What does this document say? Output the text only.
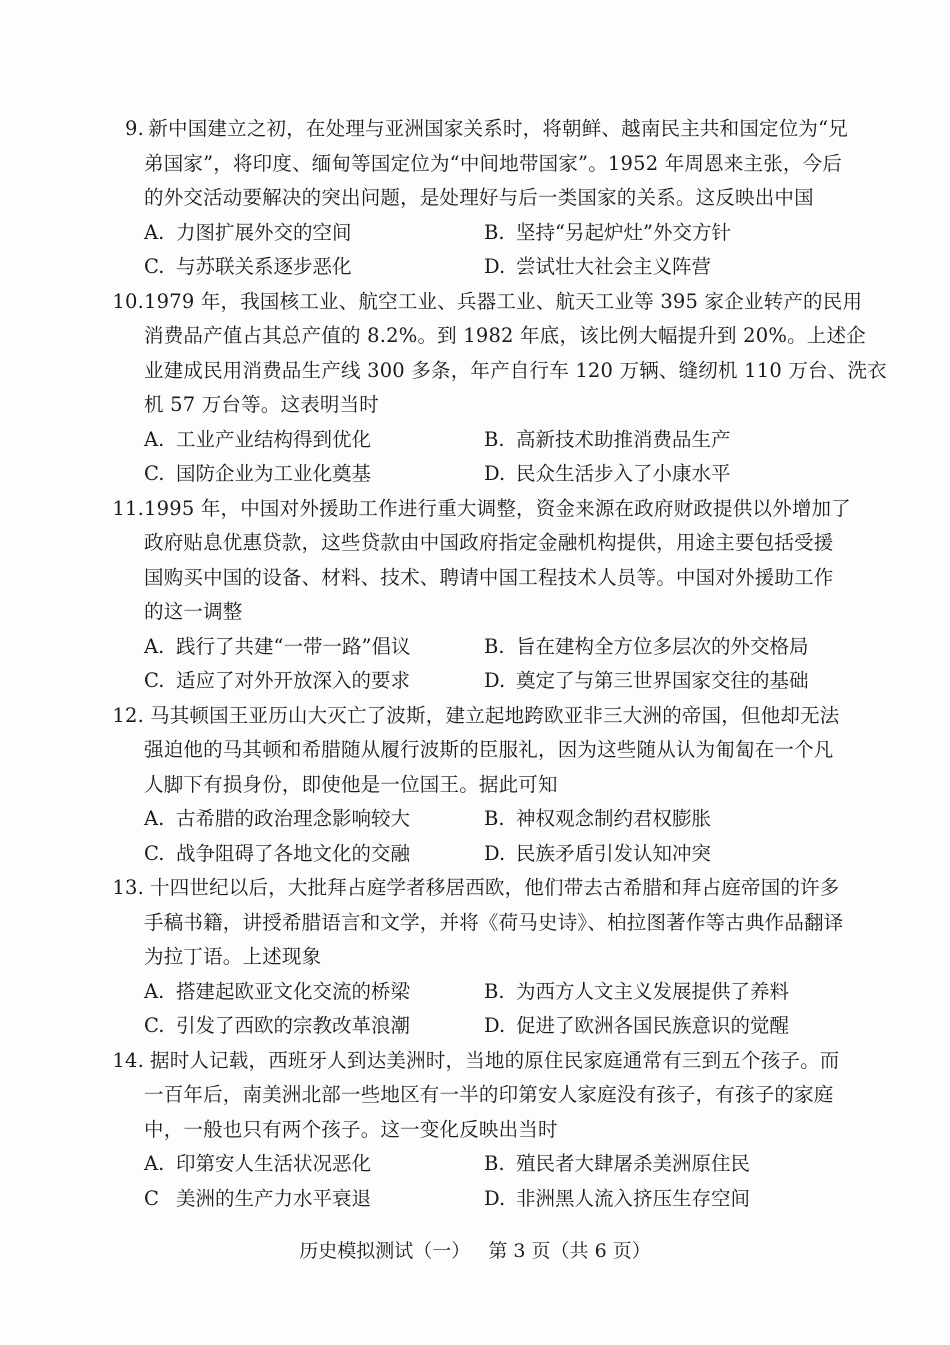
9. 新中国建立之初，在处理与亚洲国家关系时，将朝鲜、越南民主共和国定位为“兄
弟国家”，将印度、缅甸等国定位为“中间地带国家”。1952 年周恩来主张，今后
的外交活动要解决的突出问题，是处理好与后一类国家的关系。这反映出中国
A. 力图扩展外交的空间	B. 坚持“另起炉灶”外交方针
C. 与苏联关系逐步恶化	D. 尝试壮大社会主义阵营
10. 1979 年，我国核工业、航空工业、兵器工业、航天工业等 395 家企业转产的民用
消费品产值占其总产值的 8.2%。到 1982 年底，该比例大幅提升到 20%。上述企
业建成民用消费品生产线 300 多条，年产自行车 120 万辆、缝纫机 110 万台、洗衣
机 57 万台等。这表明当时
A. 工业产业结构得到优化	B. 高新技术助推消费品生产
C. 国防企业为工业化奠基	D. 民众生活步入了小康水平
11. 1995 年，中国对外援助工作进行重大调整，资金来源在政府财政提供以外增加了
政府贴息优惠贷款，这些贷款由中国政府指定金融机构提供，用途主要包括受援
国购买中国的设备、材料、技术、聘请中国工程技术人员等。中国对外援助工作
的这一调整
A. 践行了共建“一带一路”倡议	B. 旨在建构全方位多层次的外交格局
C. 适应了对外开放深入的要求	D. 奠定了与第三世界国家交往的基础
12. 马其顿国王亚历山大灭亡了波斯，建立起地跨欧亚非三大洲的帝国，但他却无法
强迫他的马其顿和希腊随从履行波斯的臣服礼，因为这些随从认为匍匐在一个凡
人脚下有损身份，即使他是一位国王。据此可知
A. 古希腊的政治理念影响较大	B. 神权观念制约君权膨胀
C. 战争阻碍了各地文化的交融	D. 民族矛盾引发认知冲突
13. 十四世纪以后，大批拜占庭学者移居西欧，他们带去古希腊和拜占庭帝国的许多
手稿书籍，讲授希腊语言和文学，并将《荷马史诗》、柏拉图著作等古典作品翻译
为拉丁语。上述现象
A. 搭建起欧亚文化交流的桥梁	B. 为西方人文主义发展提供了养料
C. 引发了西欧的宗教改革浪潮	D. 促进了欧洲各国民族意识的觉醒
14. 据时人记载，西班牙人到达美洲时，当地的原住民家庭通常有三到五个孩子。而
一百年后，南美洲北部一些地区有一半的印第安人家庭没有孩子，有孩子的家庭
中，一般也只有两个孩子。这一变化反映出当时
A. 印第安人生活状况恶化	B. 殖民者大肆屠杀美洲原住民
C 美洲的生产力水平衰退	D. 非洲黑人流入挤压生存空间
历史模拟测试（一） 第 3 页（共 6 页）
